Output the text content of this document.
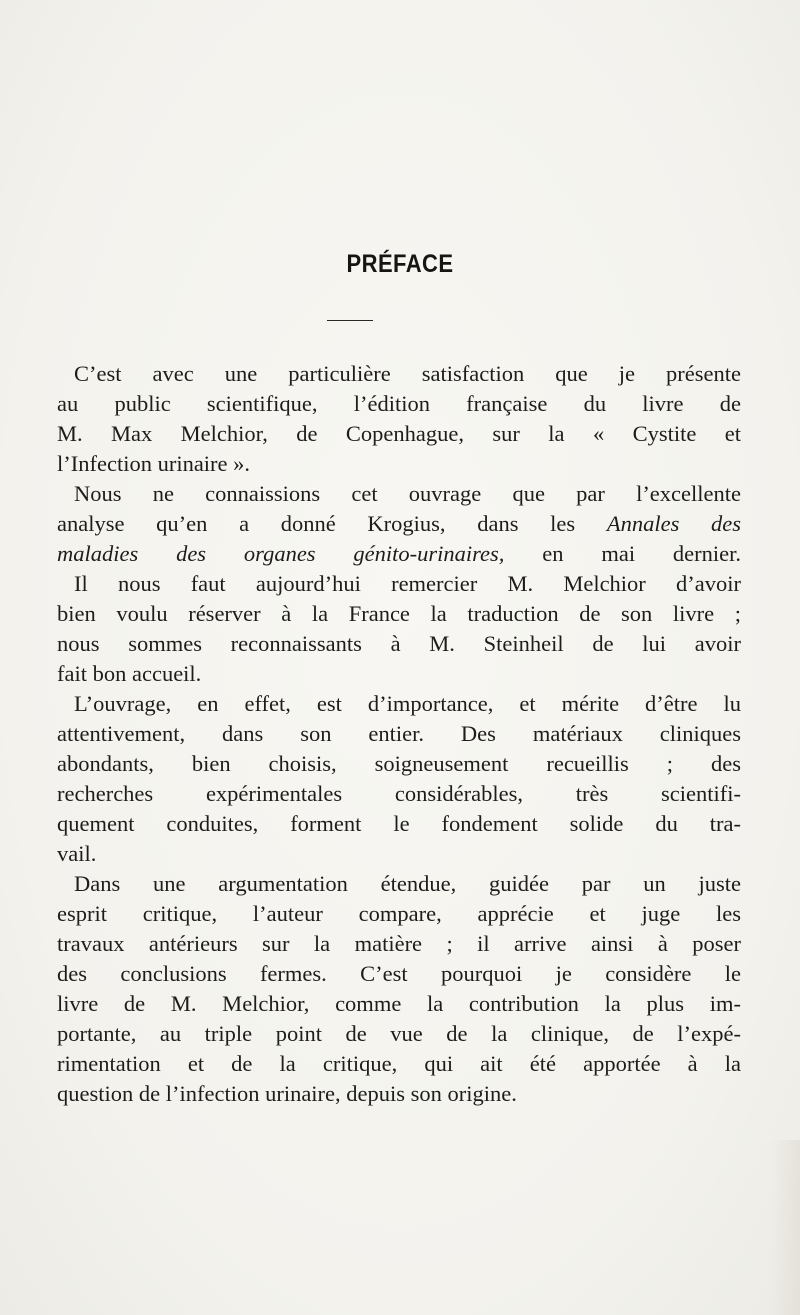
PRÉFACE
C’est avec une particulière satisfaction que je présente
au public scientifique, l’édition française du livre de
M. Max Melchior, de Copenhague, sur la « Cystite et
l’Infection urinaire ».
Nous ne connaissions cet ouvrage que par l’excellente
analyse qu’en a donné Krogius, dans les Annales des
maladies des organes génito-urinaires, en mai dernier.
Il nous faut aujourd’hui remercier M. Melchior d’avoir
bien voulu réserver à la France la traduction de son livre ;
nous sommes reconnaissants à M. Steinheil de lui avoir
fait bon accueil.
L’ouvrage, en effet, est d’importance, et mérite d’être lu
attentivement, dans son entier. Des matériaux cliniques
abondants, bien choisis, soigneusement recueillis ; des
recherches expérimentales considérables, très scientifi-
quement conduites, forment le fondement solide du tra-
vail.
Dans une argumentation étendue, guidée par un juste
esprit critique, l’auteur compare, apprécie et juge les
travaux antérieurs sur la matière ; il arrive ainsi à poser
des conclusions fermes. C’est pourquoi je considère le
livre de M. Melchior, comme la contribution la plus im-
portante, au triple point de vue de la clinique, de l’expé-
rimentation et de la critique, qui ait été apportée à la
question de l’infection urinaire, depuis son origine.
